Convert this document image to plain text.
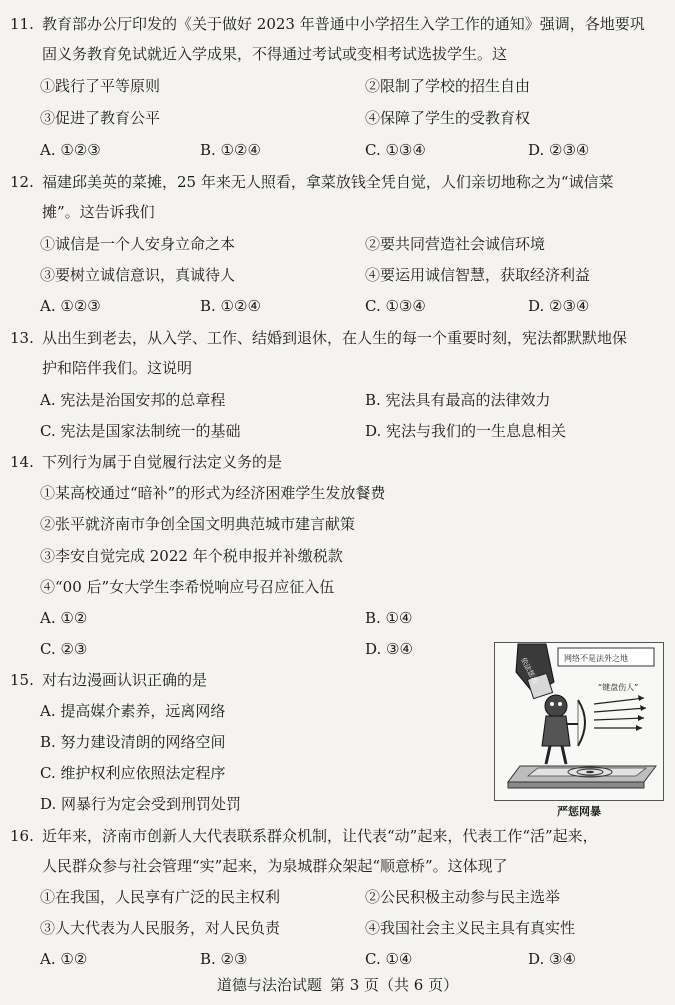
11. 教育部办公厅印发的《关于做好 2023 年普通中小学招生入学工作的通知》强调，各地要巩
固义务教育免试就近入学成果，不得通过考试或变相考试选拔学生。这
①践行了平等原则	②限制了学校的招生自由
③促进了教育公平	④保障了学生的受教育权
A. ①②③	B. ①②④	C. ①③④	D. ②③④
12. 福建邱美英的菜摊，25 年来无人照看，拿菜放钱全凭自觉，人们亲切地称之为“诚信菜
摊”。这告诉我们
①诚信是一个人安身立命之本	②要共同营造社会诚信环境
③要树立诚信意识，真诚待人	④要运用诚信智慧，获取经济利益
A. ①②③	B. ①②④	C. ①③④	D. ②③④
13. 从出生到老去，从入学、工作、结婚到退休，在人生的每一个重要时刻，宪法都默默地保
护和陪伴我们。这说明
A. 宪法是治国安邦的总章程	B. 宪法具有最高的法律效力
C. 宪法是国家法制统一的基础	D. 宪法与我们的一生息息相关
14. 下列行为属于自觉履行法定义务的是
①某高校通过“暗补”的形式为经济困难学生发放餐费
②张平就济南市争创全国文明典范城市建言献策
③李安自觉完成 2022 年个税申报并补缴税款
④“00 后”女大学生李希悦响应号召应征入伍
A. ①②	B. ①④
C. ②③	D. ③④
15. 对右边漫画认识正确的是
A. 提高媒介素养，远离网络
B. 努力建设清朗的网络空间
C. 维护权利应依照法定程序
D. 网暴行为定会受到刑罚处罚
依法惩治	网络不是法外之地
“键盘伤人”
严惩网暴
16. 近年来，济南市创新人大代表联系群众机制，让代表“动”起来，代表工作“活”起来，
人民群众参与社会管理“实”起来，为泉城群众架起“顺意桥”。这体现了
①在我国，人民享有广泛的民主权利	②公民积极主动参与民主选举
③人大代表为人民服务，对人民负责	④我国社会主义民主具有真实性
A. ①②	B. ②③	C. ①④	D. ③④
道德与法治试题 第 3 页（共 6 页）
